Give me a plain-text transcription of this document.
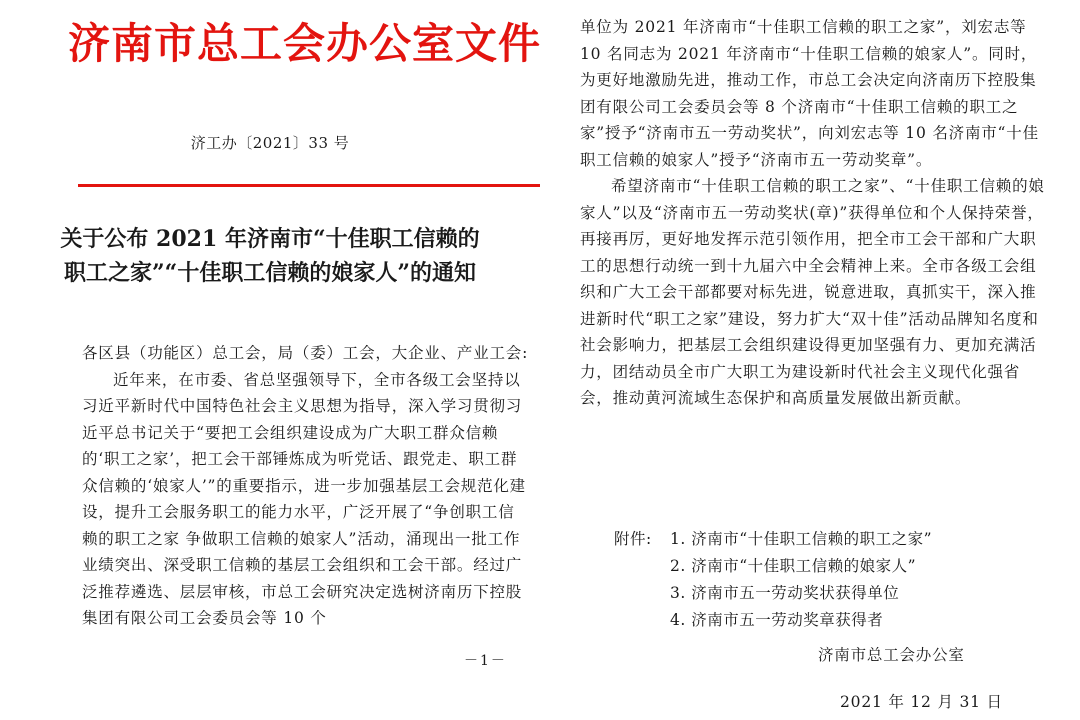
济南市总工会办公室文件
济工办〔2021〕33 号
关于公布 2021 年济南市“十佳职工信赖的
职工之家”“十佳职工信赖的娘家人”的通知

各区县（功能区）总工会，局（委）工会，大企业、产业工会:

近年来，在市委、省总坚强领导下，全市各级工会坚持以习近平新时代中国特色社会主义思想为指导，深入学习贯彻习近平总书记关于“要把工会组织建设成为广大职工群众信赖的‘职工之家’，把工会干部锤炼成为听党话、跟党走、职工群众信赖的‘娘家人’”的重要指示，进一步加强基层工会规范化建设，提升工会服务职工的能力水平，广泛开展了“争创职工信赖的职工之家 争做职工信赖的娘家人”活动，涌现出一批工作业绩突出、深受职工信赖的基层工会组织和工会干部。经过广泛推荐遴选、层层审核，市总工会研究决定选树济南历下控股集团有限公司工会委员会等 10 个

－1－

单位为 2021 年济南市“十佳职工信赖的职工之家”，刘宏志等 10 名同志为 2021 年济南市“十佳职工信赖的娘家人”。同时，为更好地激励先进，推动工作，市总工会决定向济南历下控股集团有限公司工会委员会等 8 个济南市“十佳职工信赖的职工之家”授予“济南市五一劳动奖状”，向刘宏志等 10 名济南市“十佳职工信赖的娘家人”授予“济南市五一劳动奖章”。

希望济南市“十佳职工信赖的职工之家”、“十佳职工信赖的娘家人”以及“济南市五一劳动奖状(章)”获得单位和个人保持荣誉，再接再厉，更好地发挥示范引领作用，把全市工会干部和广大职工的思想行动统一到十九届六中全会精神上来。全市各级工会组织和广大工会干部都要对标先进，锐意进取，真抓实干，深入推进新时代“职工之家”建设，努力扩大“双十佳”活动品牌知名度和社会影响力，把基层工会组织建设得更加坚强有力、更加充满活力，团结动员全市广大职工为建设新时代社会主义现代化强省会，推动黄河流域生态保护和高质量发展做出新贡献。

附件:	1. 济南市“十佳职工信赖的职工之家”
2. 济南市“十佳职工信赖的娘家人”
3. 济南市五一劳动奖状获得单位
4. 济南市五一劳动奖章获得者
济南市总工会办公室
2021 年 12 月 31 日
